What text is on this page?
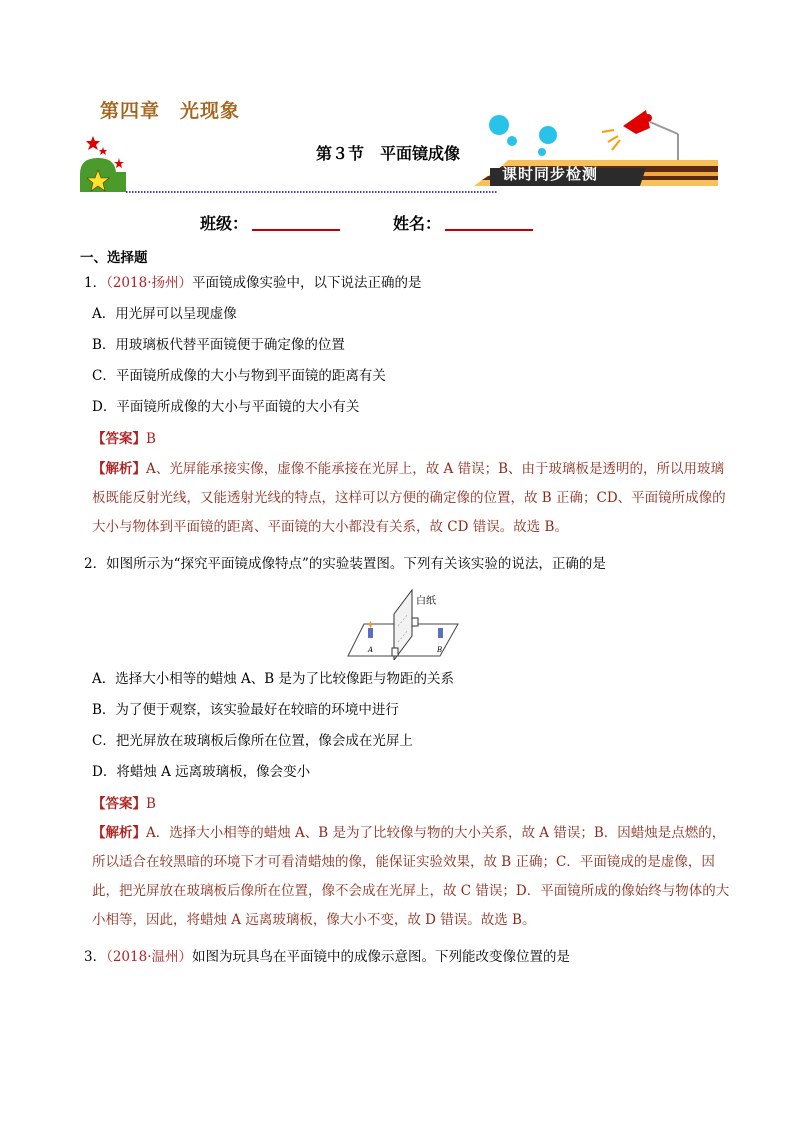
第四章　光现象
第３节　平面镜成像
课时同步检测
班级：	姓名：
一、选择题
1．（2018·扬州）平面镜成像实验中，以下说法正确的是
A．用光屏可以呈现虚像
B．用玻璃板代替平面镜便于确定像的位置
C．平面镜所成像的大小与物到平面镜的距离有关
D．平面镜所成像的大小与平面镜的大小有关
【答案】B
【解析】A、光屏能承接实像，虚像不能承接在光屏上，故 A 错误；B、由于玻璃板是透明的，所以用玻璃板既能反射光线，又能透射光线的特点，这样可以方便的确定像的位置，故 B 正确；CD、平面镜所成像的大小与物体到平面镜的距离、平面镜的大小都没有关系，故 CD 错误。故选 B。
2．如图所示为“探究平面镜成像特点”的实验装置图。下列有关该实验的说法，正确的是
白纸
A	B
A．选择大小相等的蜡烛 A、B 是为了比较像距与物距的关系
B．为了便于观察，该实验最好在较暗的环境中进行
C．把光屏放在玻璃板后像所在位置，像会成在光屏上
D．将蜡烛 A 远离玻璃板，像会变小
【答案】B
【解析】A．选择大小相等的蜡烛 A、B 是为了比较像与物的大小关系，故 A 错误；B．因蜡烛是点燃的，所以适合在较黑暗的环境下才可看清蜡烛的像，能保证实验效果，故 B 正确；C．平面镜成的是虚像，因此，把光屏放在玻璃板后像所在位置，像不会成在光屏上，故 C 错误；D．平面镜所成的像始终与物体的大小相等，因此，将蜡烛 A 远离玻璃板，像大小不变，故 D 错误。故选 B。
3．（2018·温州）如图为玩具鸟在平面镜中的成像示意图。下列能改变像位置的是
